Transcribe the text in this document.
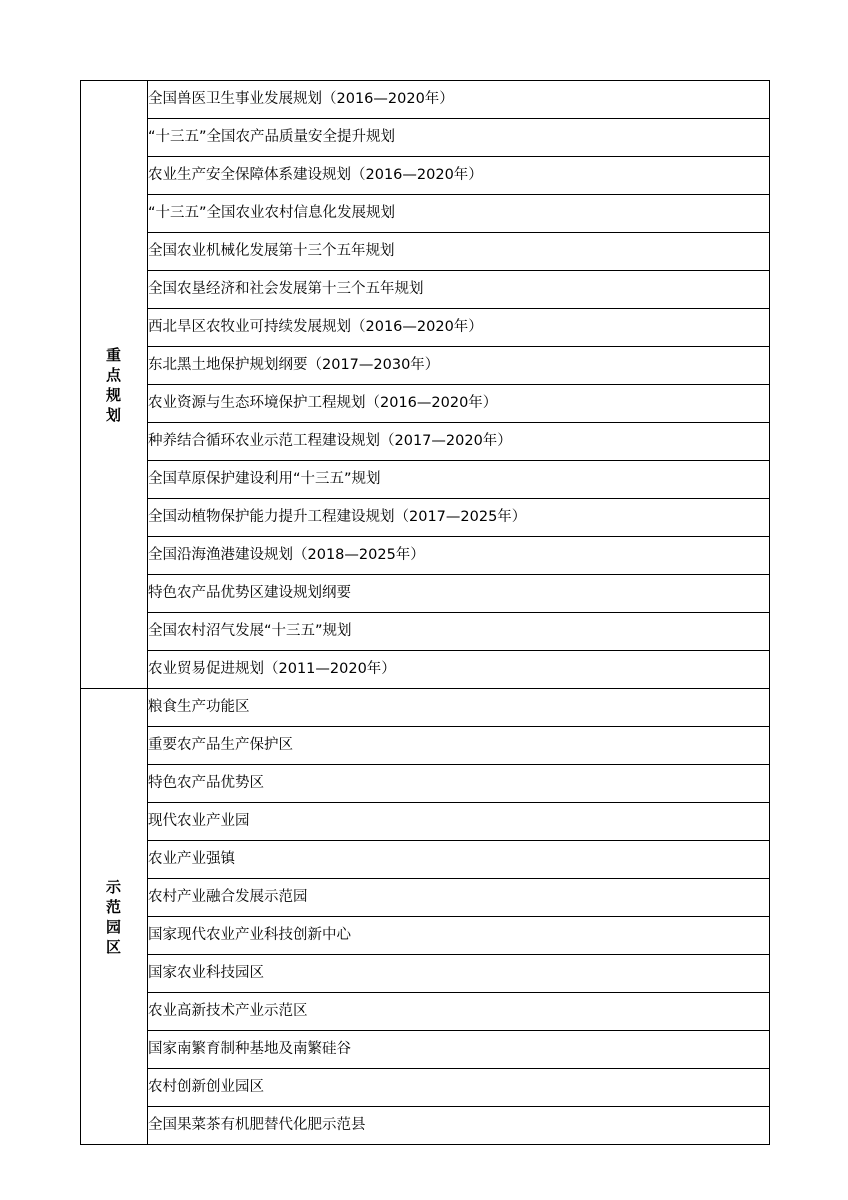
重点规划	全国兽医卫生事业发展规划（2016—2020年）
	“十三五”全国农产品质量安全提升规划
	农业生产安全保障体系建设规划（2016—2020年）
	“十三五”全国农业农村信息化发展规划
	全国农业机械化发展第十三个五年规划
	全国农垦经济和社会发展第十三个五年规划
	西北旱区农牧业可持续发展规划（2016—2020年）
	东北黑土地保护规划纲要（2017—2030年）
	农业资源与生态环境保护工程规划（2016—2020年）
	种养结合循环农业示范工程建设规划（2017—2020年）
	全国草原保护建设利用“十三五”规划
	全国动植物保护能力提升工程建设规划（2017—2025年）
	全国沿海渔港建设规划（2018—2025年）
	特色农产品优势区建设规划纲要
	全国农村沼气发展“十三五”规划
	农业贸易促进规划（2011—2020年）
示范园区	粮食生产功能区
	重要农产品生产保护区
	特色农产品优势区
	现代农业产业园
	农业产业强镇
	农村产业融合发展示范园
	国家现代农业产业科技创新中心
	国家农业科技园区
	农业高新技术产业示范区
	国家南繁育制种基地及南繁硅谷
	农村创新创业园区
	全国果菜茶有机肥替代化肥示范县
